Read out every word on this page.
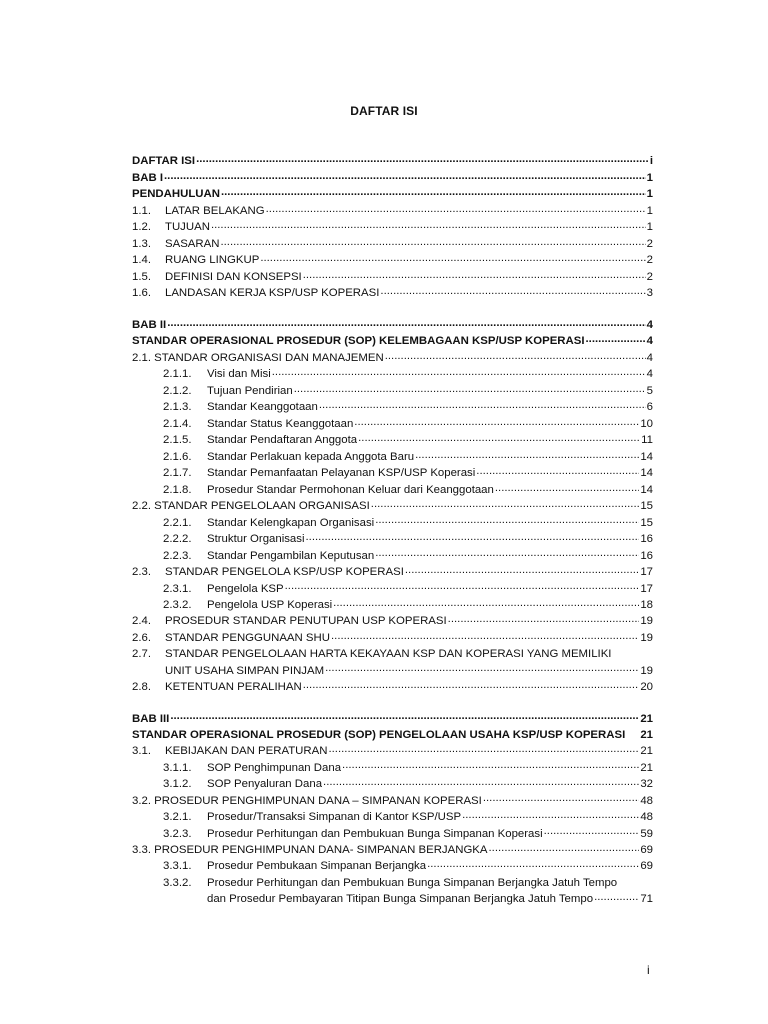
DAFTAR ISI
DAFTAR ISI .....	i
BAB I .....	1
PENDAHULUAN .....	1
1.1.	LATAR BELAKANG .....	1
1.2.	TUJUAN .....	1
1.3.	SASARAN .....	2
1.4.	RUANG LINGKUP .....	2
1.5.	DEFINISI DAN KONSEPSI .....	2
1.6.	LANDASAN KERJA KSP/USP KOPERASI .....	3
BAB II .....	4
STANDAR OPERASIONAL PROSEDUR (SOP) KELEMBAGAAN KSP/USP KOPERASI .....	4
2.1. STANDAR ORGANISASI DAN MANAJEMEN .....	4
2.1.1.	Visi dan Misi .....	4
2.1.2.	Tujuan Pendirian .....	5
2.1.3.	Standar Keanggotaan .....	6
2.1.4.	Standar Status Keanggotaan .....	10
2.1.5.	Standar Pendaftaran Anggota .....	11
2.1.6.	Standar Perlakuan kepada Anggota Baru .....	14
2.1.7.	Standar Pemanfaatan Pelayanan KSP/USP Koperasi .....	14
2.1.8.	Prosedur Standar Permohonan Keluar dari Keanggotaan .....	14
2.2. STANDAR PENGELOLAAN ORGANISASI .....	15
2.2.1.	Standar Kelengkapan Organisasi .....	15
2.2.2.	Struktur Organisasi .....	16
2.2.3.	Standar Pengambilan Keputusan .....	16
2.3.	STANDAR PENGELOLA KSP/USP KOPERASI .....	17
2.3.1.	Pengelola KSP .....	17
2.3.2.	Pengelola USP Koperasi .....	18
2.4.	PROSEDUR STANDAR PENUTUPAN USP KOPERASI .....	19
2.6.	STANDAR PENGGUNAAN SHU .....	19
2.7.	STANDAR PENGELOLAAN HARTA KEKAYAAN KSP DAN KOPERASI YANG MEMILIKI
UNIT USAHA SIMPAN PINJAM .....	19
2.8.	KETENTUAN PERALIHAN .....	20
BAB III .....	21
STANDAR OPERASIONAL PROSEDUR (SOP) PENGELOLAAN USAHA KSP/USP KOPERASI	21
3.1.	KEBIJAKAN DAN PERATURAN .....	21
3.1.1.	SOP Penghimpunan Dana .....	21
3.1.2.	SOP Penyaluran Dana .....	32
3.2. PROSEDUR PENGHIMPUNAN DANA – SIMPANAN KOPERASI .....	48
3.2.1.	Prosedur/Transaksi Simpanan di Kantor KSP/USP .....	48
3.2.3.	Prosedur Perhitungan dan Pembukuan Bunga Simpanan Koperasi .....	59
3.3. PROSEDUR PENGHIMPUNAN DANA- SIMPANAN BERJANGKA .....	69
3.3.1.	Prosedur Pembukaan Simpanan Berjangka .....	69
3.3.2.	Prosedur Perhitungan dan Pembukuan Bunga Simpanan Berjangka Jatuh Tempo
dan Prosedur Pembayaran Titipan Bunga Simpanan Berjangka Jatuh Tempo .....	71
i
